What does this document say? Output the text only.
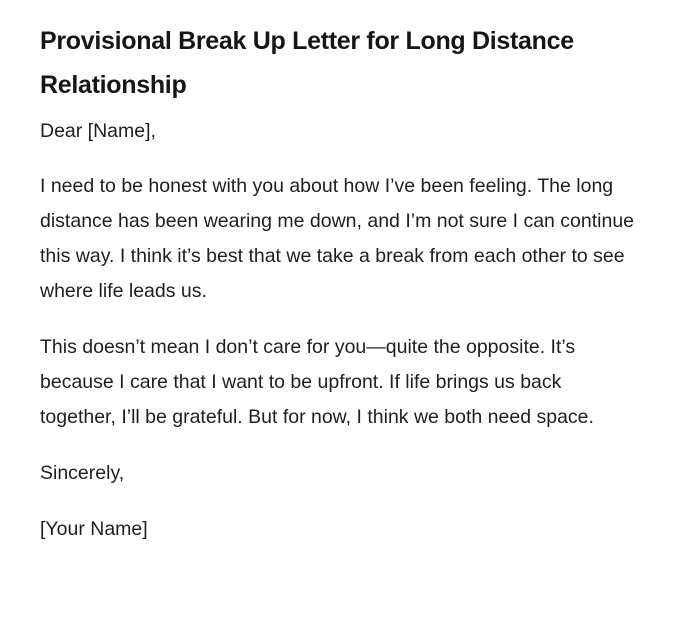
Provisional Break Up Letter for Long Distance Relationship

Dear [Name],

I need to be honest with you about how I’ve been feeling. The long distance has been wearing me down, and I’m not sure I can continue this way. I think it’s best that we take a break from each other to see where life leads us.

This doesn’t mean I don’t care for you—quite the opposite. It’s because I care that I want to be upfront. If life brings us back together, I’ll be grateful. But for now, I think we both need space.

Sincerely,

[Your Name]
